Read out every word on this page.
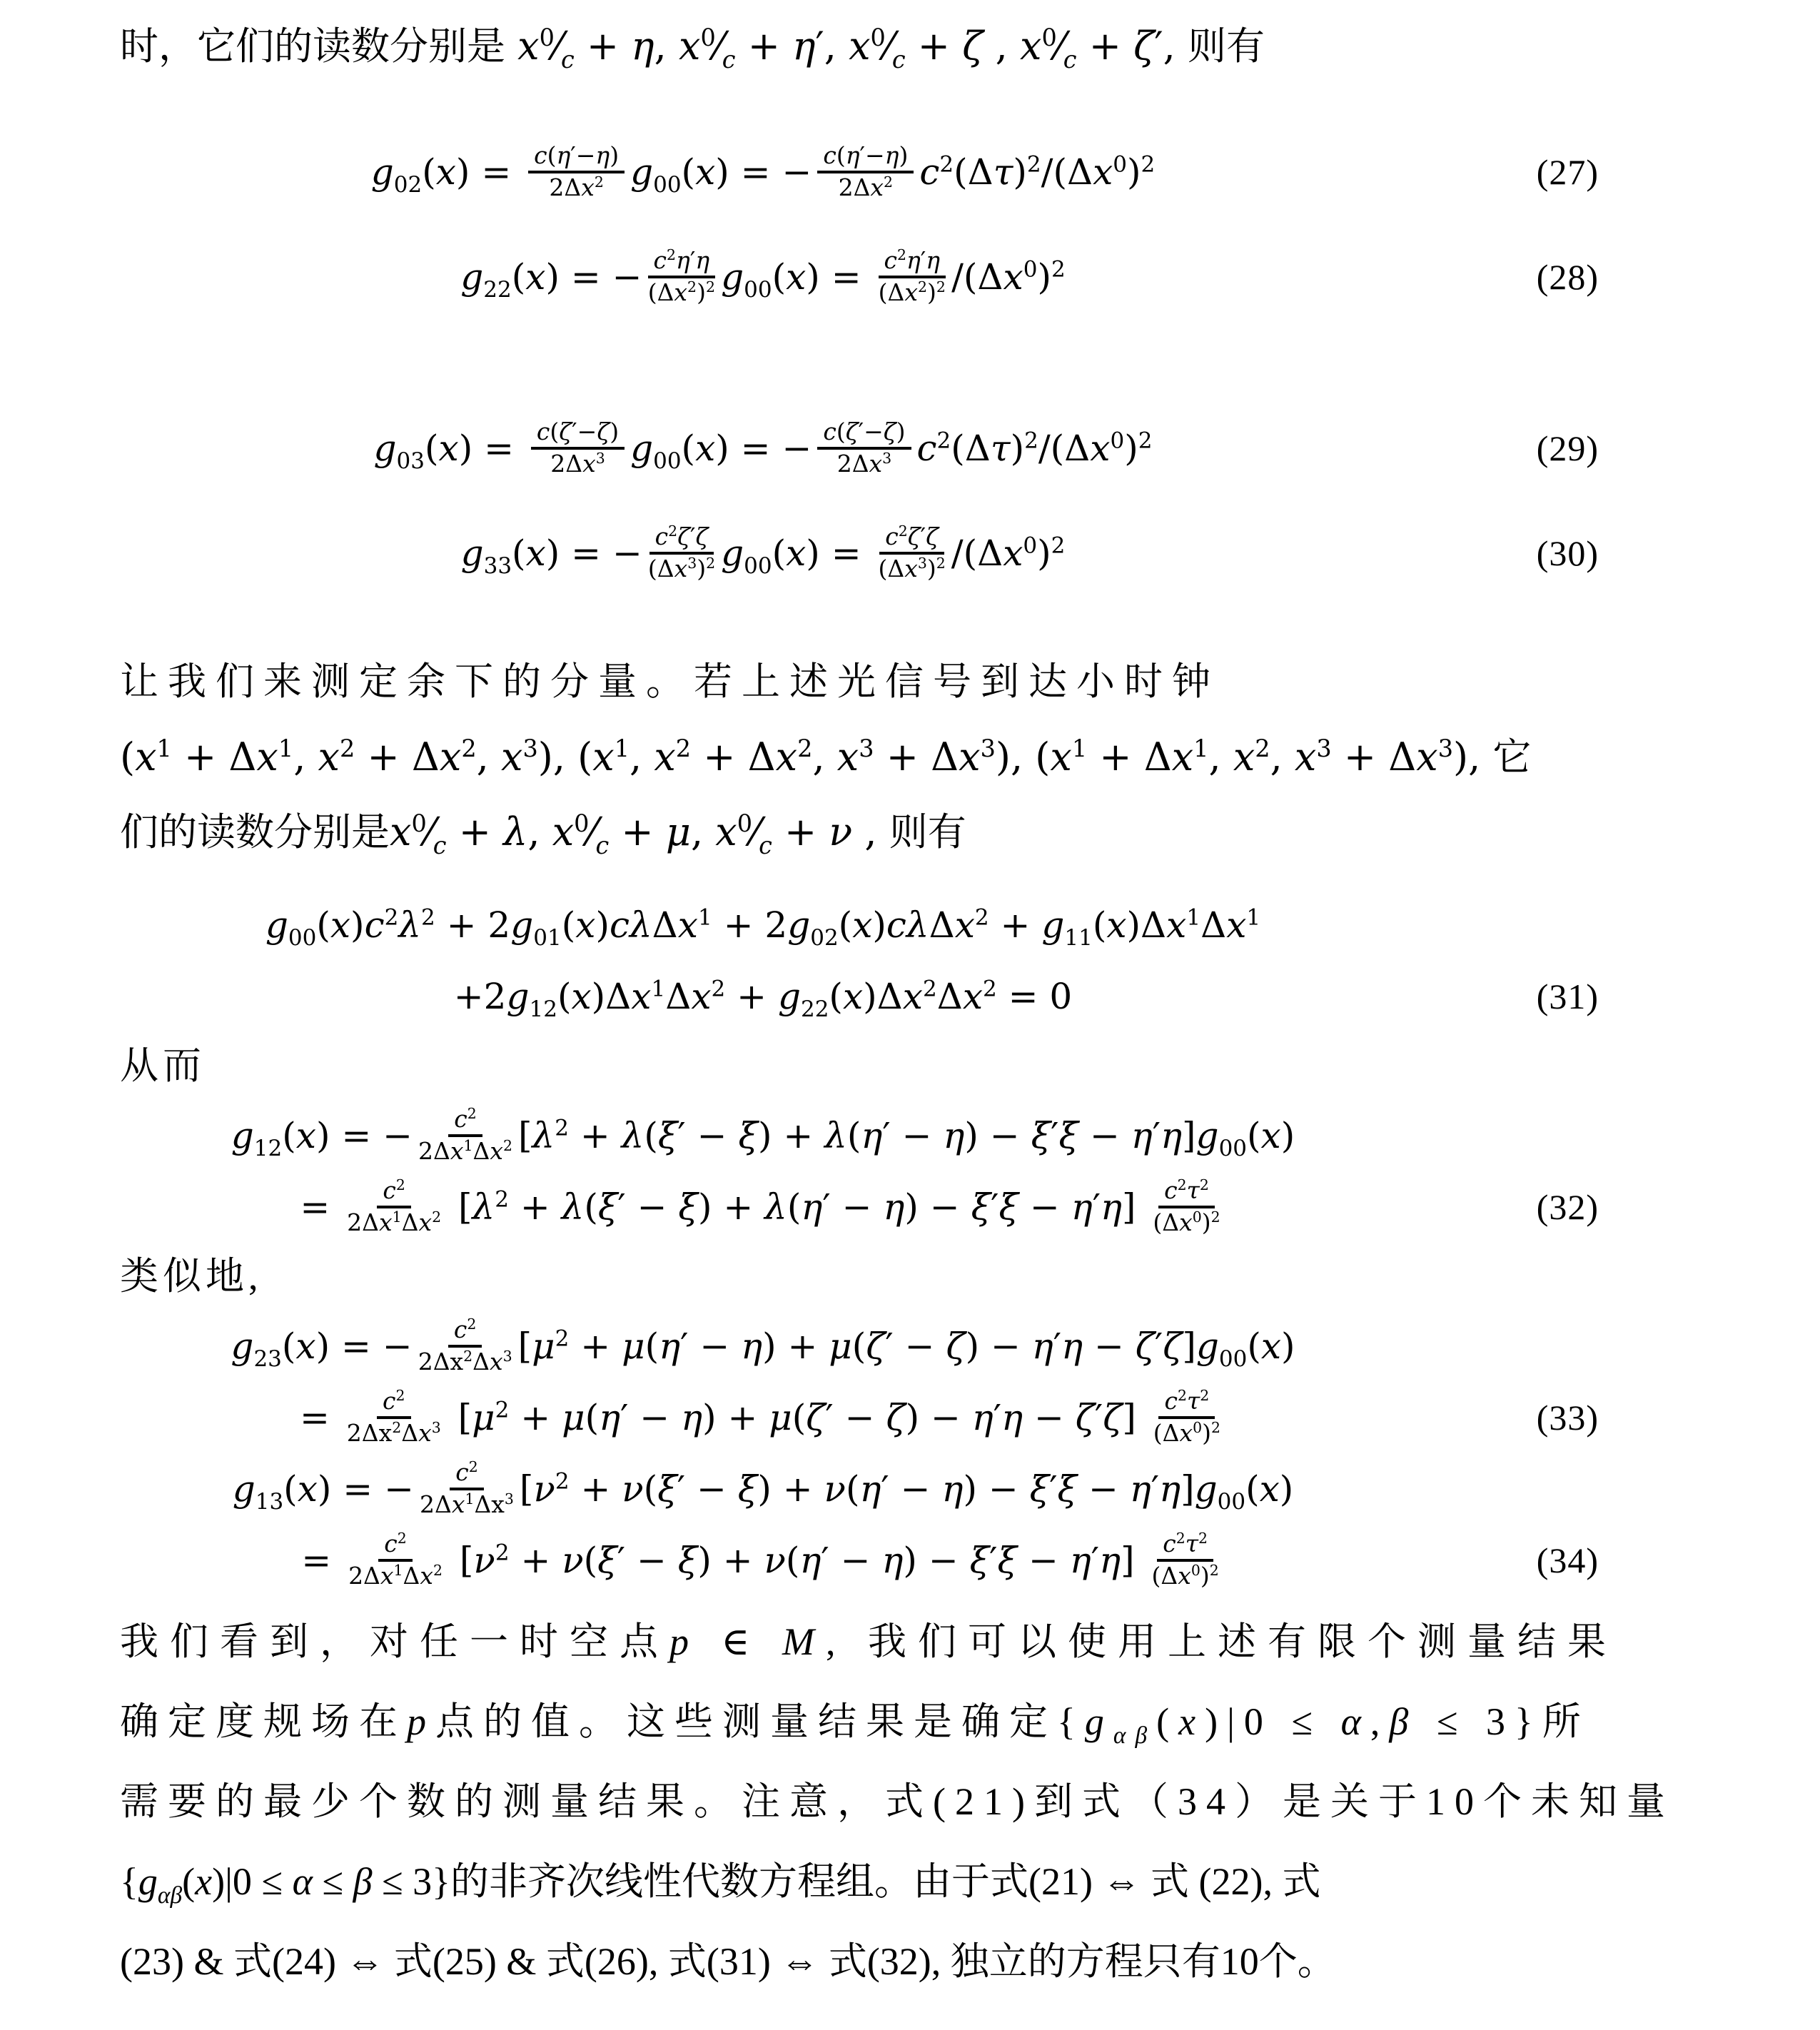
时，它们的读数分别是 $x^0⁄_c + \eta$, $x^0⁄_c + \eta'$, $x^0⁄_c + \zeta$ , $x^0⁄_c + \zeta'$, 则有

$g_{02}(x) = \frac{c(\eta'-\eta)}{2\Delta x^2} g_{00}(x)$ = − $\frac{c(\eta'-\eta)}{2\Delta x^2} c^2(\Delta\tau)^2/(\Delta x^0)^2$	(27)
$g_{22}(x)$ = − $\frac{c^2\eta'\eta}{(\Delta x^2)^2} g_{00}(x) = \frac{c^2\eta'\eta}{(\Delta x^2)^2} /(\Delta x^0)^2$	(28)
$g_{03}(x) = \frac{c(\zeta'-\zeta)}{2\Delta x^3} g_{00}(x)$ = − $\frac{c(\zeta'-\zeta)}{2\Delta x^3} c^2(\Delta\tau)^2/(\Delta x^0)^2$	(29)
$g_{33}(x)$ = − $\frac{c^2\zeta'\zeta}{(\Delta x^3)^2} g_{00}(x) = \frac{c^2\zeta'\zeta}{(\Delta x^3)^2} /(\Delta x^0)^2$	(30)

让我们来测定余下的分量。若上述光信号到达小时钟

($x^1 + \Delta x^1$, $x^2 + \Delta x^2$, $x^3$), ($x^1$, $x^2 + \Delta x^2$, $x^3 + \Delta x^3$), ($x^1 + \Delta x^1$, $x^2$, $x^3 + \Delta x^3$), 它

们的读数分别是$x^0⁄_c + \lambda$, $x^0⁄_c + \mu$, $x^0⁄_c + \nu$ , 则有

$g_{00}(x)c^2\lambda^2 + 2g_{01}(x)c\lambda\Delta x^1 + 2g_{02}(x)c\lambda\Delta x^2 + g_{11}(x)\Delta x^1\Delta x^1$
$+2g_{12}(x)\Delta x^1\Delta x^2 + g_{22}(x)\Delta x^2\Delta x^2 = 0$	(31)

从而

$g_{12}(x)$ = − $\frac{c^2}{2\Delta x^1\Delta x^2} [\lambda^2 + \lambda(\xi' - \xi) + \lambda(\eta' - \eta) - \xi'\xi - \eta'\eta]g_{00}(x)$
= $\frac{c^2}{2\Delta x^1\Delta x^2} [\lambda^2 + \lambda(\xi' - \xi) + \lambda(\eta' - \eta) - \xi'\xi - \eta'\eta] \frac{c^2\tau^2}{(\Delta x^0)^2}$	(32)

类似地,

$g_{23}(x)$ = − $\frac{c^2}{2\Delta x^2\Delta x^3} [\mu^2 + \mu(\eta' - \eta) + \mu(\zeta' - \zeta) - \eta'\eta - \zeta'\zeta]g_{00}(x)$
= $\frac{c^2}{2\Delta x^2\Delta x^3} [\mu^2 + \mu(\eta' - \eta) + \mu(\zeta' - \zeta) - \eta'\eta - \zeta'\zeta] \frac{c^2\tau^2}{(\Delta x^0)^2}$	(33)
$g_{13}(x)$ = − $\frac{c^2}{2\Delta x^1\Delta x^3} [\nu^2 + \nu(\xi' - \xi) + \nu(\eta' - \eta) - \xi'\xi - \eta'\eta]g_{00}(x)$
= $\frac{c^2}{2\Delta x^1\Delta x^2} [\nu^2 + \nu(\xi' - \xi) + \nu(\eta' - \eta) - \xi'\xi - \eta'\eta] \frac{c^2\tau^2}{(\Delta x^0)^2}$	(34)

我们看到，对任一时空点p ∈ M, 我们可以使用上述有限个测量结果

确定度规场在p点的值。这些测量结果是确定$\{g_{\alpha\beta}(x)|0 \le \alpha,\beta \le 3\}$所

需要的最少个数的测量结果。注意，式(21)到式（34）是关于10个未知量

$\{g_{\alpha\beta}(x)|0 \le \alpha \le \beta \le 3\}$的非齐次线性代数方程组。由于式(21) ⇔ 式 (22), 式

(23) & 式(24) ⇔ 式(25) & 式(26), 式(31) ⇔ 式(32), 独立的方程只有10个。
